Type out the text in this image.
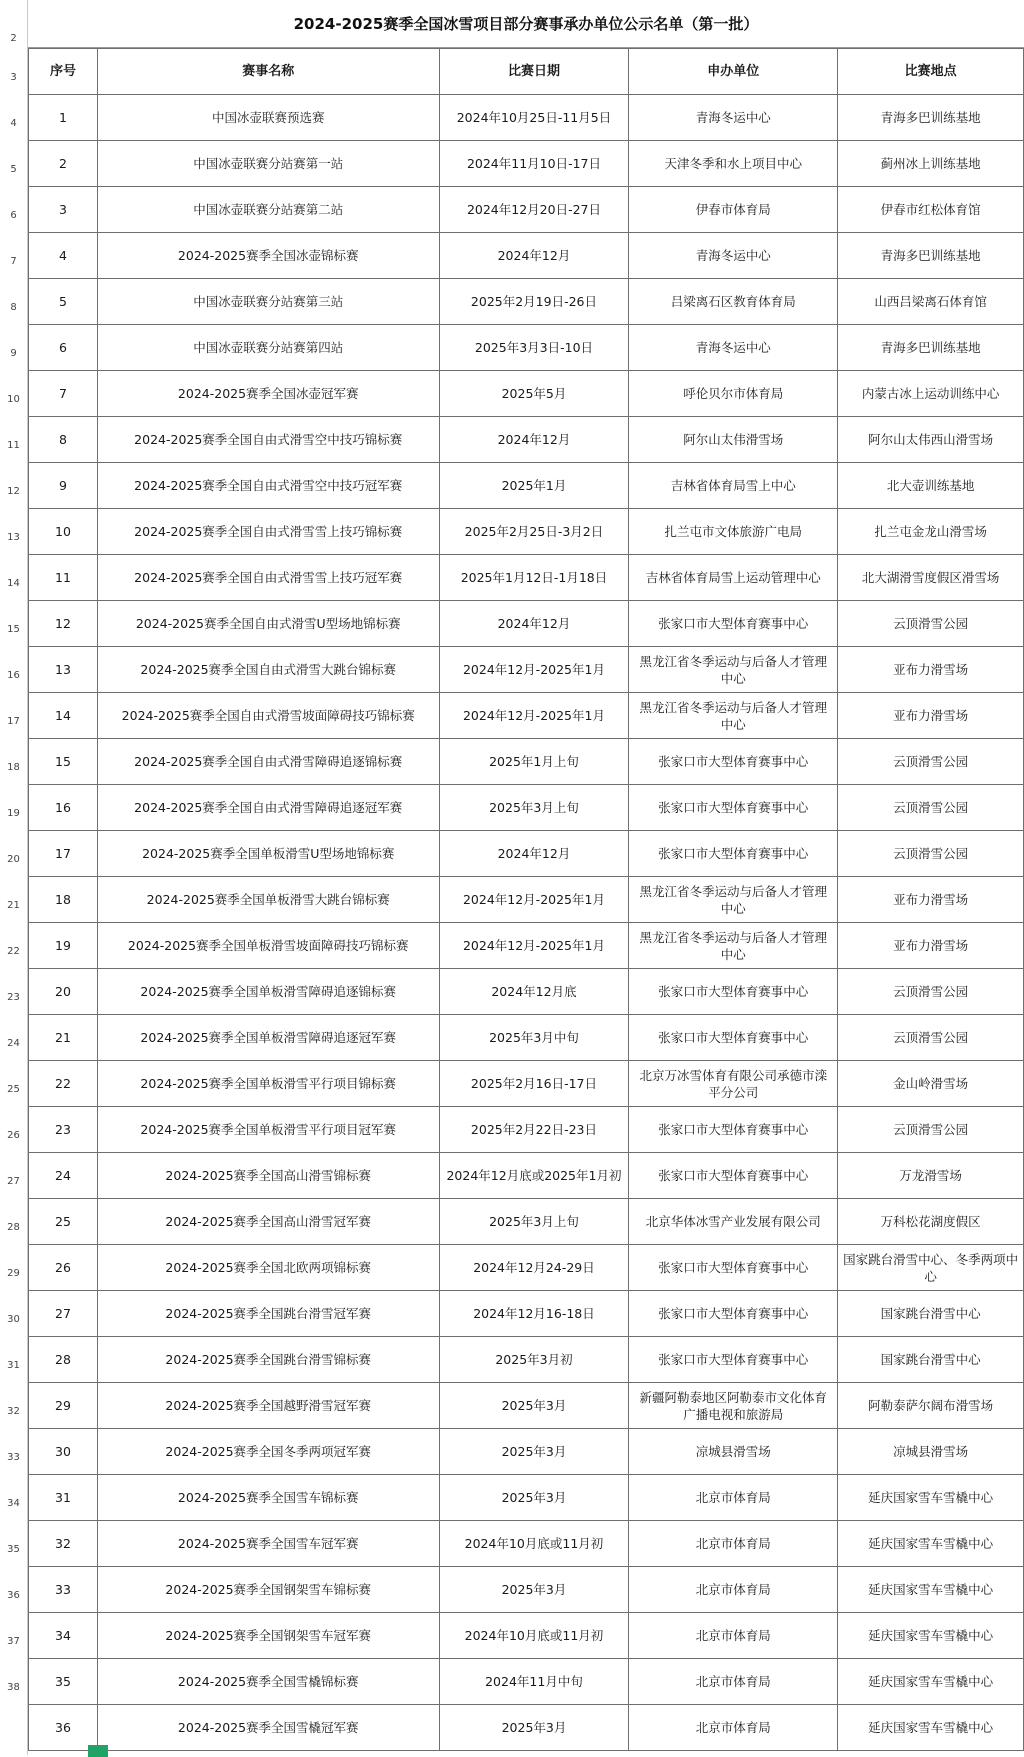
2
3
4
5
6
7
8
9
10
11
12
13
14
15
16
17
18
19
20
21
22
23
24
25
26
27
28
29
30
31
32
33
34
35
36
37
38
2024-2025赛季全国冰雪项目部分赛事承办单位公示名单（第一批）
序号	赛事名称	比赛日期	申办单位	比赛地点
1	中国冰壶联赛预选赛	2024年10月25日-11月5日	青海冬运中心	青海多巴训练基地
2	中国冰壶联赛分站赛第一站	2024年11月10日-17日	天津冬季和水上项目中心	蓟州冰上训练基地
3	中国冰壶联赛分站赛第二站	2024年12月20日-27日	伊春市体育局	伊春市红松体育馆
4	2024-2025赛季全国冰壶锦标赛	2024年12月	青海冬运中心	青海多巴训练基地
5	中国冰壶联赛分站赛第三站	2025年2月19日-26日	吕梁离石区教育体育局	山西吕梁离石体育馆
6	中国冰壶联赛分站赛第四站	2025年3月3日-10日	青海冬运中心	青海多巴训练基地
7	2024-2025赛季全国冰壶冠军赛	2025年5月	呼伦贝尔市体育局	内蒙古冰上运动训练中心
8	2024-2025赛季全国自由式滑雪空中技巧锦标赛	2024年12月	阿尔山太伟滑雪场	阿尔山太伟西山滑雪场
9	2024-2025赛季全国自由式滑雪空中技巧冠军赛	2025年1月	吉林省体育局雪上中心	北大壶训练基地
10	2024-2025赛季全国自由式滑雪雪上技巧锦标赛	2025年2月25日-3月2日	扎兰屯市文体旅游广电局	扎兰屯金龙山滑雪场
11	2024-2025赛季全国自由式滑雪雪上技巧冠军赛	2025年1月12日-1月18日	吉林省体育局雪上运动管理中心	北大湖滑雪度假区滑雪场
12	2024-2025赛季全国自由式滑雪U型场地锦标赛	2024年12月	张家口市大型体育赛事中心	云顶滑雪公园
13	2024-2025赛季全国自由式滑雪大跳台锦标赛	2024年12月-2025年1月	黑龙江省冬季运动与后备人才管理中心	亚布力滑雪场
14	2024-2025赛季全国自由式滑雪坡面障碍技巧锦标赛	2024年12月-2025年1月	黑龙江省冬季运动与后备人才管理中心	亚布力滑雪场
15	2024-2025赛季全国自由式滑雪障碍追逐锦标赛	2025年1月上旬	张家口市大型体育赛事中心	云顶滑雪公园
16	2024-2025赛季全国自由式滑雪障碍追逐冠军赛	2025年3月上旬	张家口市大型体育赛事中心	云顶滑雪公园
17	2024-2025赛季全国单板滑雪U型场地锦标赛	2024年12月	张家口市大型体育赛事中心	云顶滑雪公园
18	2024-2025赛季全国单板滑雪大跳台锦标赛	2024年12月-2025年1月	黑龙江省冬季运动与后备人才管理中心	亚布力滑雪场
19	2024-2025赛季全国单板滑雪坡面障碍技巧锦标赛	2024年12月-2025年1月	黑龙江省冬季运动与后备人才管理中心	亚布力滑雪场
20	2024-2025赛季全国单板滑雪障碍追逐锦标赛	2024年12月底	张家口市大型体育赛事中心	云顶滑雪公园
21	2024-2025赛季全国单板滑雪障碍追逐冠军赛	2025年3月中旬	张家口市大型体育赛事中心	云顶滑雪公园
22	2024-2025赛季全国单板滑雪平行项目锦标赛	2025年2月16日-17日	北京万冰雪体育有限公司承德市滦平分公司	金山岭滑雪场
23	2024-2025赛季全国单板滑雪平行项目冠军赛	2025年2月22日-23日	张家口市大型体育赛事中心	云顶滑雪公园
24	2024-2025赛季全国高山滑雪锦标赛	2024年12月底或2025年1月初	张家口市大型体育赛事中心	万龙滑雪场
25	2024-2025赛季全国高山滑雪冠军赛	2025年3月上旬	北京华体冰雪产业发展有限公司	万科松花湖度假区
26	2024-2025赛季全国北欧两项锦标赛	2024年12月24-29日	张家口市大型体育赛事中心	国家跳台滑雪中心、冬季两项中心
27	2024-2025赛季全国跳台滑雪冠军赛	2024年12月16-18日	张家口市大型体育赛事中心	国家跳台滑雪中心
28	2024-2025赛季全国跳台滑雪锦标赛	2025年3月初	张家口市大型体育赛事中心	国家跳台滑雪中心
29	2024-2025赛季全国越野滑雪冠军赛	2025年3月	新疆阿勒泰地区阿勒泰市文化体育广播电视和旅游局	阿勒泰萨尔阔布滑雪场
30	2024-2025赛季全国冬季两项冠军赛	2025年3月	凉城县滑雪场	凉城县滑雪场
31	2024-2025赛季全国雪车锦标赛	2025年3月	北京市体育局	延庆国家雪车雪橇中心
32	2024-2025赛季全国雪车冠军赛	2024年10月底或11月初	北京市体育局	延庆国家雪车雪橇中心
33	2024-2025赛季全国钢架雪车锦标赛	2025年3月	北京市体育局	延庆国家雪车雪橇中心
34	2024-2025赛季全国钢架雪车冠军赛	2024年10月底或11月初	北京市体育局	延庆国家雪车雪橇中心
35	2024-2025赛季全国雪橇锦标赛	2024年11月中旬	北京市体育局	延庆国家雪车雪橇中心
36	2024-2025赛季全国雪橇冠军赛	2025年3月	北京市体育局	延庆国家雪车雪橇中心
